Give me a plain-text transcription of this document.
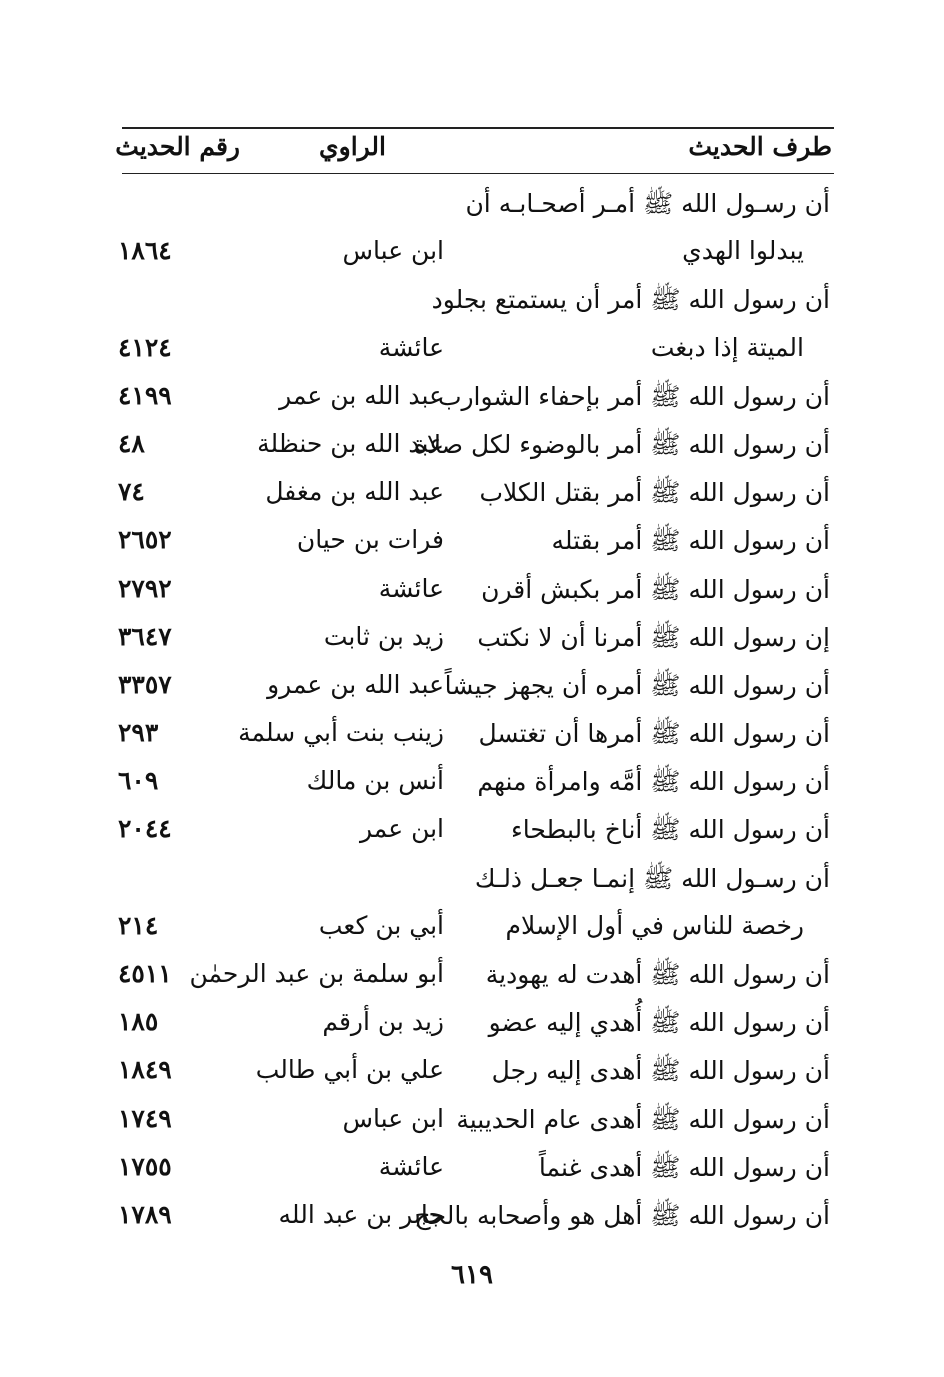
طرف الحديث
الراوي
رقم الحديث
أن رسـول الله ﷺ أمـر أصحـابـه أن
يبدلوا الهدي
ابن عباس
١٨٦٤
أن رسول الله ﷺ أمر أن يستمتع بجلود
الميتة إذا دبغت
عائشة
٤١٢٤
أن رسول الله ﷺ أمر بإحفاء الشوارب
عبد الله بن عمر
٤١٩٩
أن رسول الله ﷺ أمر بالوضوء لكل صلاة
عبد الله بن حنظلة
٤٨
أن رسول الله ﷺ أمر بقتل الكلاب
عبد الله بن مغفل
٧٤
أن رسول الله ﷺ أمر بقتله
فرات بن حيان
٢٦٥٢
أن رسول الله ﷺ أمر بكبش أقرن
عائشة
٢٧٩٢
إن رسول الله ﷺ أمرنا أن لا نكتب
زيد بن ثابت
٣٦٤٧
أن رسول الله ﷺ أمره أن يجهز جيشاً
عبد الله بن عمرو
٣٣٥٧
أن رسول الله ﷺ أمرها أن تغتسل
زينب بنت أبي سلمة
٢٩٣
أن رسول الله ﷺ أمَّه وامرأة منهم
أنس بن مالك
٦٠٩
أن رسول الله ﷺ أناخ بالبطحاء
ابن عمر
٢٠٤٤
أن رسـول الله ﷺ إنمـا جعـل ذلـك
رخصة للناس في أول الإسلام
أبي بن كعب
٢١٤
أن رسول الله ﷺ أهدت له يهودية
أبو سلمة بن عبد الرحمٰن
٤٥١١
أن رسول الله ﷺ أُهدي إليه عضو
زيد بن أرقم
١٨٥
أن رسول الله ﷺ أهدى إليه رجل
علي بن أبي طالب
١٨٤٩
أن رسول الله ﷺ أهدى عام الحديبية
ابن عباس
١٧٤٩
أن رسول الله ﷺ أهدى غنماً
عائشة
١٧٥٥
أن رسول الله ﷺ أهل هو وأصحابه بالحج
جابر بن عبد الله
١٧٨٩
٦١٩
